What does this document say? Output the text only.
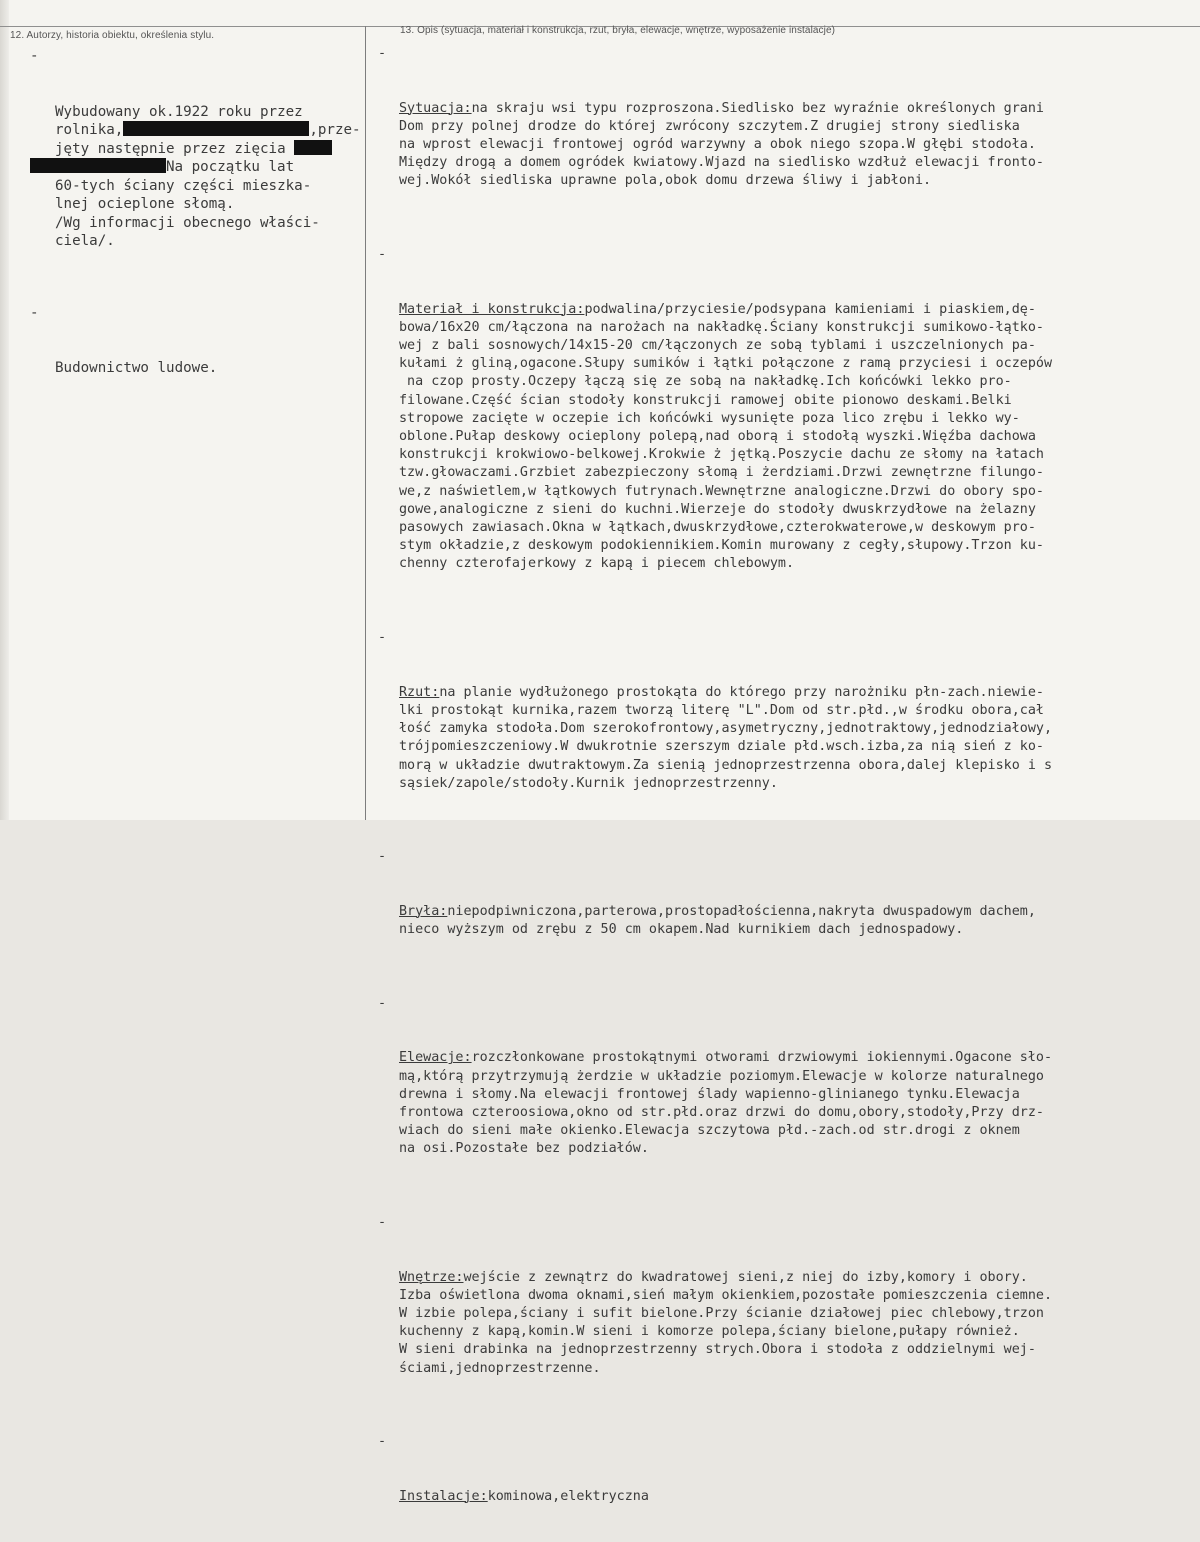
12. Autorzy, historia obiektu, określenia stylu.	13. Opis (sytuacja, materiał i konstrukcja, rzut, bryła, elewacje, wnętrze, wyposażenie instalacje)

-

Wybudowany ok.1922 roku przez
rolnika,	,prze-
jęty następnie przez zięcia
Na początku lat
60-tych ściany części mieszka-
lnej ocieplone słomą.
/Wg informacji obecnego właści-
ciela/.

-

Budownictwo ludowe.

-

Sytuacja:na skraju wsi typu rozproszona.Siedlisko bez wyraźnie określonych grani
Dom przy polnej drodze do której zwrócony szczytem.Z drugiej strony siedliska
na wprost elewacji frontowej ogród warzywny a obok niego szopa.W głębi stodoła.
Między drogą a domem ogródek kwiatowy.Wjazd na siedlisko wzdłuż elewacji fronto-
wej.Wokół siedliska uprawne pola,obok domu drzewa śliwy i jabłoni.

-

Materiał i konstrukcja:podwalina/przyciesie/podsypana kamieniami i piaskiem,dę-
bowa/16x20 cm/łączona na narożach na nakładkę.Ściany konstrukcji sumikowo-łątko-
wej z bali sosnowych/14x15-20 cm/łączonych ze sobą tyblami i uszczelnionych pa-
kułami ż gliną,ogacone.Słupy sumików i łątki połączone z ramą przyciesi i oczepów
na czop prosty.Oczepy łączą się ze sobą na nakładkę.Ich końcówki lekko pro-
filowane.Część ścian stodoły konstrukcji ramowej obite pionowo deskami.Belki
stropowe zacięte w oczepie ich końcówki wysunięte poza lico zrębu i lekko wy-
oblone.Pułap deskowy ocieplony polepą,nad oborą i stodołą wyszki.Więźba dachowa
konstrukcji krokwiowo-belkowej.Krokwie ż jętką.Poszycie dachu ze słomy na łatach
tzw.głowaczami.Grzbiet zabezpieczony słomą i żerdziami.Drzwi zewnętrzne filungo-
we,z naświetlem,w łątkowych futrynach.Wewnętrzne analogiczne.Drzwi do obory spo-
gowe,analogiczne z sieni do kuchni.Wierzeje do stodoły dwuskrzydłowe na żelazny
pasowych zawiasach.Okna w łątkach,dwuskrzydłowe,czterokwaterowe,w deskowym pro-
stym okładzie,z deskowym podokiennikiem.Komin murowany z cegły,słupowy.Trzon ku-
chenny czterofajerkowy z kapą i piecem chlebowym.

-

Rzut:na planie wydłużonego prostokąta do którego przy narożniku płn-zach.niewie-
lki prostokąt kurnika,razem tworzą literę "L".Dom od str.płd.,w środku obora,cał
łość zamyka stodoła.Dom szerokofrontowy,asymetryczny,jednotraktowy,jednodziałowy,
trójpomieszczeniowy.W dwukrotnie szerszym dziale płd.wsch.izba,za nią sień z ko-
morą w układzie dwutraktowym.Za sienią jednoprzestrzenna obora,dalej klepisko i s
sąsiek/zapole/stodoły.Kurnik jednoprzestrzenny.

-

Bryła:niepodpiwniczona,parterowa,prostopadłościenna,nakryta dwuspadowym dachem,
nieco wyższym od zrębu z 50 cm okapem.Nad kurnikiem dach jednospadowy.

-

Elewacje:rozczłonkowane prostokątnymi otworami drzwiowymi iokiennymi.Ogacone sło-
mą,którą przytrzymują żerdzie w układzie poziomym.Elewacje w kolorze naturalnego
drewna i słomy.Na elewacji frontowej ślady wapienno-glinianego tynku.Elewacja
frontowa czteroosiowa,okno od str.płd.oraz drzwi do domu,obory,stodoły,Przy drz-
wiach do sieni małe okienko.Elewacja szczytowa płd.-zach.od str.drogi z oknem
na osi.Pozostałe bez podziałów.

-

Wnętrze:wejście z zewnątrz do kwadratowej sieni,z niej do izby,komory i obory.
Izba oświetlona dwoma oknami,sień małym okienkiem,pozostałe pomieszczenia ciemne.
W izbie polepa,ściany i sufit bielone.Przy ścianie działowej piec chlebowy,trzon
kuchenny z kapą,komin.W sieni i komorze polepa,ściany bielone,pułapy również.
W sieni drabinka na jednoprzestrzenny strych.Obora i stodoła z oddzielnymi wej-
ściami,jednoprzestrzenne.

-

Instalacje:kominowa,elektryczna
